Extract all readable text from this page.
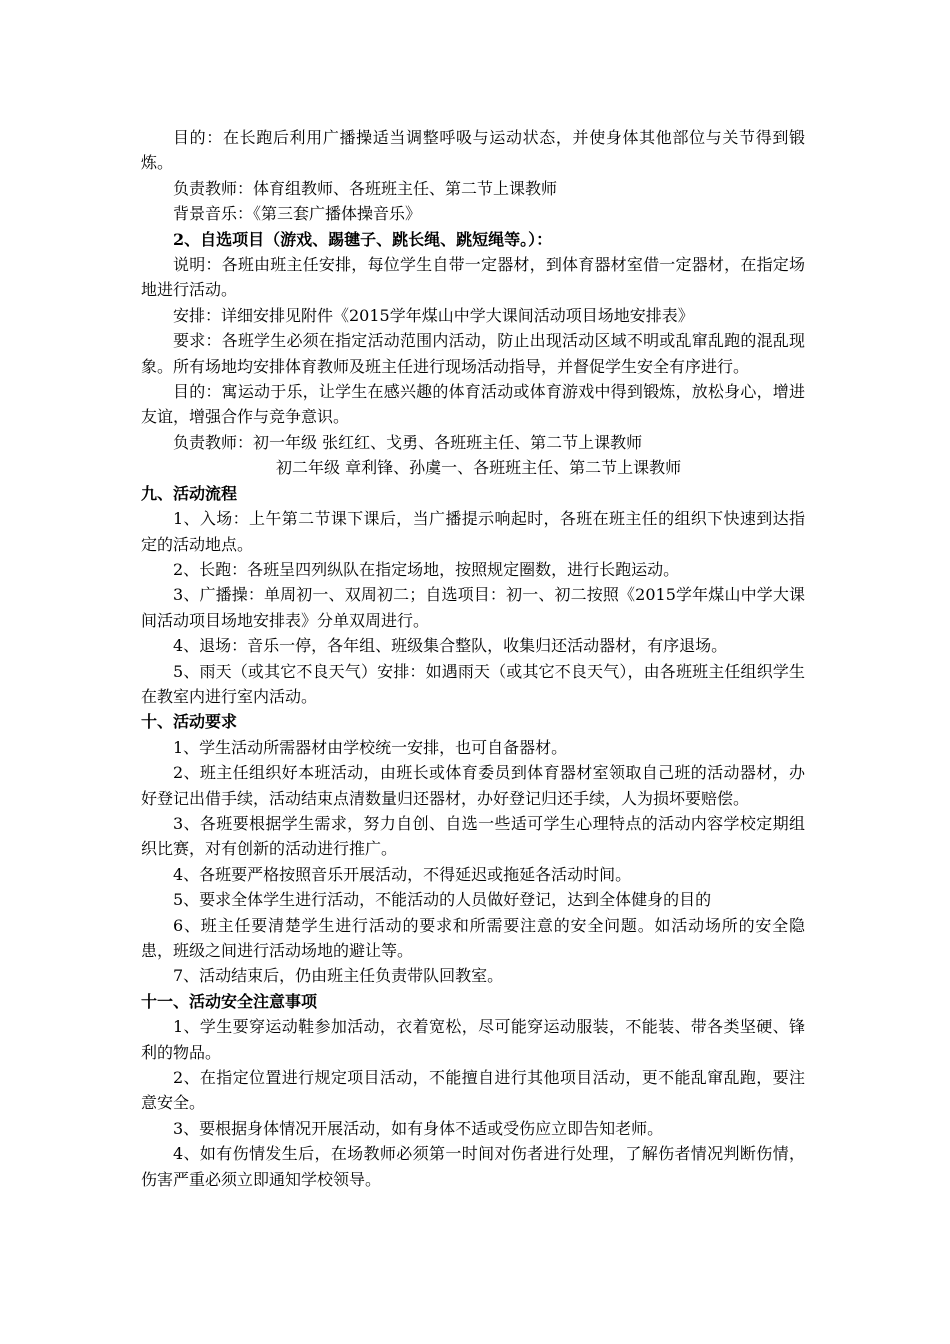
目的：在长跑后利用广播操适当调整呼吸与运动状态，并使身体其他部位与关节得到锻炼。

负责教师：体育组教师、各班班主任、第二节上课教师

背景音乐：《第三套广播体操音乐》

2、自选项目（游戏、踢毽子、跳长绳、跳短绳等。）：

说明：各班由班主任安排，每位学生自带一定器材，到体育器材室借一定器材，在指定场地进行活动。

安排：详细安排见附件《2015学年煤山中学大课间活动项目场地安排表》

要求：各班学生必须在指定活动范围内活动，防止出现活动区域不明或乱窜乱跑的混乱现象。所有场地均安排体育教师及班主任进行现场活动指导，并督促学生安全有序进行。

目的：寓运动于乐，让学生在感兴趣的体育活动或体育游戏中得到锻炼，放松身心，增进友谊，增强合作与竞争意识。

负责教师：初一年级 张红红、戈勇、各班班主任、第二节上课教师

初二年级 章利锋、孙虞一、各班班主任、第二节上课教师

九、活动流程

1、入场：上午第二节课下课后，当广播提示响起时，各班在班主任的组织下快速到达指定的活动地点。

2、长跑：各班呈四列纵队在指定场地，按照规定圈数，进行长跑运动。

3、广播操：单周初一、双周初二；自选项目：初一、初二按照《2015学年煤山中学大课间活动项目场地安排表》分单双周进行。

4、退场：音乐一停，各年组、班级集合整队，收集归还活动器材，有序退场。

5、雨天（或其它不良天气）安排：如遇雨天（或其它不良天气），由各班班主任组织学生在教室内进行室内活动。

十、活动要求

1、学生活动所需器材由学校统一安排，也可自备器材。

2、班主任组织好本班活动，由班长或体育委员到体育器材室领取自己班的活动器材，办好登记出借手续，活动结束点清数量归还器材，办好登记归还手续，人为损坏要赔偿。

3、各班要根据学生需求，努力自创、自选一些适可学生心理特点的活动内容学校定期组织比赛，对有创新的活动进行推广。

4、各班要严格按照音乐开展活动，不得延迟或拖延各活动时间。

5、要求全体学生进行活动，不能活动的人员做好登记，达到全体健身的目的

6、班主任要清楚学生进行活动的要求和所需要注意的安全问题。如活动场所的安全隐患，班级之间进行活动场地的避让等。

7、活动结束后，仍由班主任负责带队回教室。

十一、活动安全注意事项

1、学生要穿运动鞋参加活动，衣着宽松，尽可能穿运动服装，不能装、带各类坚硬、锋利的物品。

2、在指定位置进行规定项目活动，不能擅自进行其他项目活动，更不能乱窜乱跑，要注意安全。

3、要根据身体情况开展活动，如有身体不适或受伤应立即告知老师。

4、如有伤情发生后，在场教师必须第一时间对伤者进行处理，了解伤者情况判断伤情，伤害严重必须立即通知学校领导。
